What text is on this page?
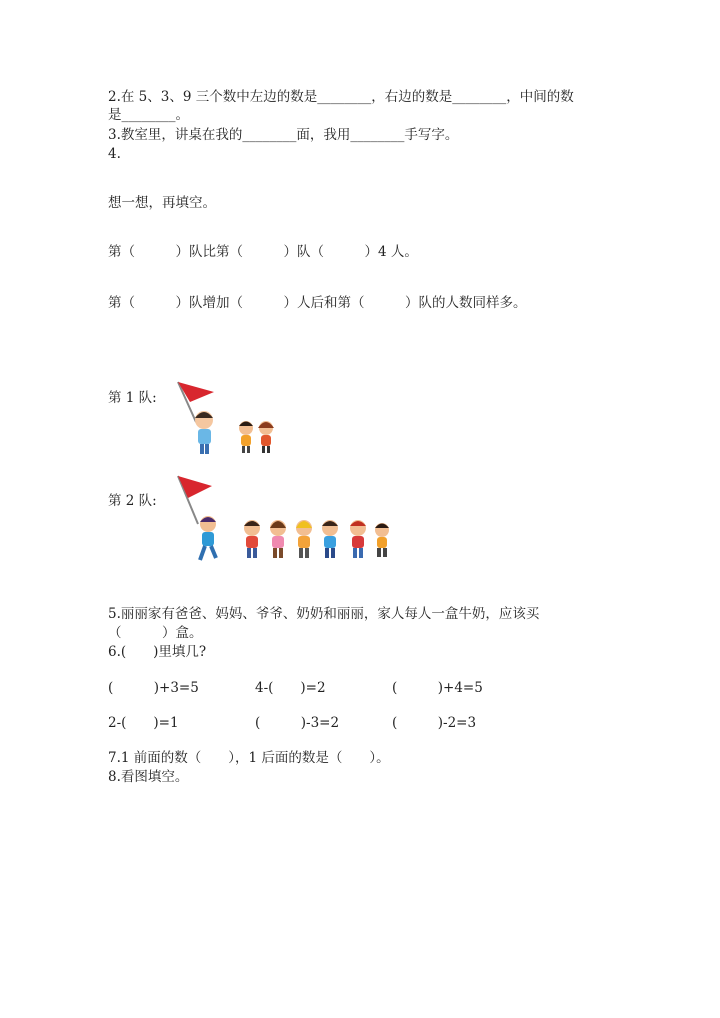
2.在 5、3、9 三个数中左边的数是________，右边的数是________，中间的数
是________。
3.教室里，讲桌在我的________面，我用________手写字。
4.
想一想，再填空。
第（　　　）队比第（　　　）队（　　　）4 人。
第（　　　）队增加（　　　）人后和第（　　　）队的人数同样多。
第 1 队:
第 2 队:
5.丽丽家有爸爸、妈妈、爷爷、奶奶和丽丽，家人每人一盒牛奶，应该买
（　　　）盒。
6.(　　)里填几?
(　　　)+3=5	4-(　　)=2	(　　　)+4=5
2-(　　)=1	(　　　)-3=2	(　　　)-2=3
7.1 前面的数（　　），1 后面的数是（　　）。
8.看图填空。
